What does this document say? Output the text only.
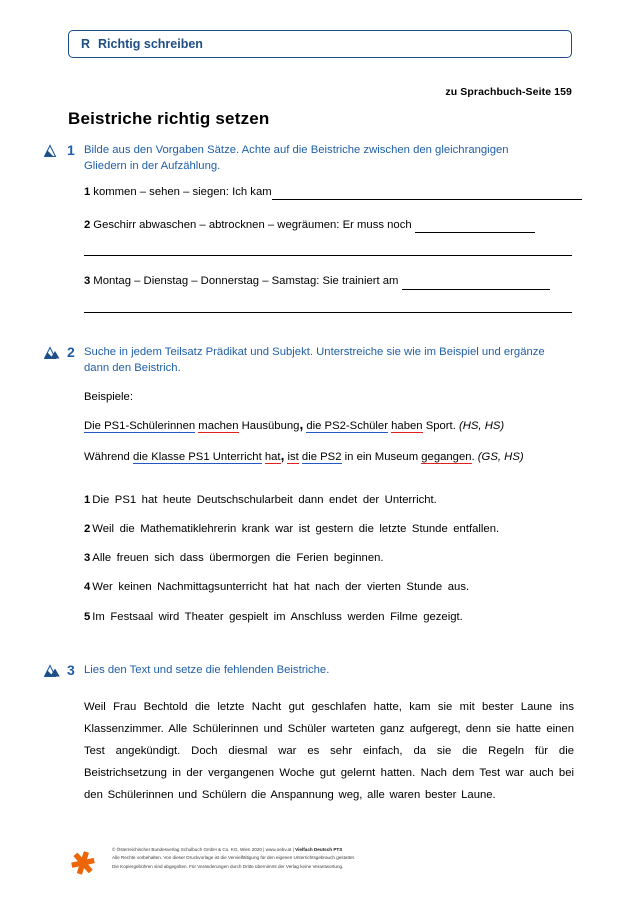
R Richtig schreiben
zu Sprachbuch-Seite 159
Beistriche richtig setzen
1 Bilde aus den Vorgaben Sätze. Achte auf die Beistriche zwischen den gleichrangigen Gliedern in der Aufzählung.
1 kommen – sehen – siegen: Ich kam
2 Geschirr abwaschen – abtrocknen – wegräumen: Er muss noch
3 Montag – Dienstag – Donnerstag – Samstag: Sie trainiert am
2 Suche in jedem Teilsatz Prädikat und Subjekt. Unterstreiche sie wie im Beispiel und ergänze dann den Beistrich.
Beispiele:
Die PS1-Schülerinnen machen Hausübung, die PS2-Schüler haben Sport. (HS, HS)
Während die Klasse PS1 Unterricht hat, ist die PS2 in ein Museum gegangen. (GS, HS)
1 Die PS1 hat heute Deutschschularbeit dann endet der Unterricht.
2 Weil die Mathematiklehrerin krank war ist gestern die letzte Stunde entfallen.
3 Alle freuen sich dass übermorgen die Ferien beginnen.
4 Wer keinen Nachmittagsunterricht hat hat nach der vierten Stunde aus.
5 Im Festsaal wird Theater gespielt im Anschluss werden Filme gezeigt.
3 Lies den Text und setze die fehlenden Beistriche.
Weil Frau Bechtold die letzte Nacht gut geschlafen hatte, kam sie mit bester Laune ins Klassenzimmer. Alle Schülerinnen und Schüler warteten ganz aufgeregt, denn sie hatte einen Test angekündigt. Doch diesmal war es sehr einfach, da sie die Regeln für die Beistrichsetzung in der vergangenen Woche gut gelernt hatten. Nach dem Test war auch bei den Schülerinnen und Schülern die Anspannung weg, alle waren bester Laune.
© Österreichischer Bundesverlag Schulbuch GmbH & Co. KG, Wien 2020 | www.oebv.at | Vielfach Deutsch PTS
Alle Rechte vorbehalten. Von dieser Druckvorlage ist die Vervielfältigung für den eigenen Unterrichtsgebrauch gestattet.
Die Kopiergebühren sind abgegolten. Für Veränderungen durch Dritte übernimmt der Verlag keine Verantwortung.
